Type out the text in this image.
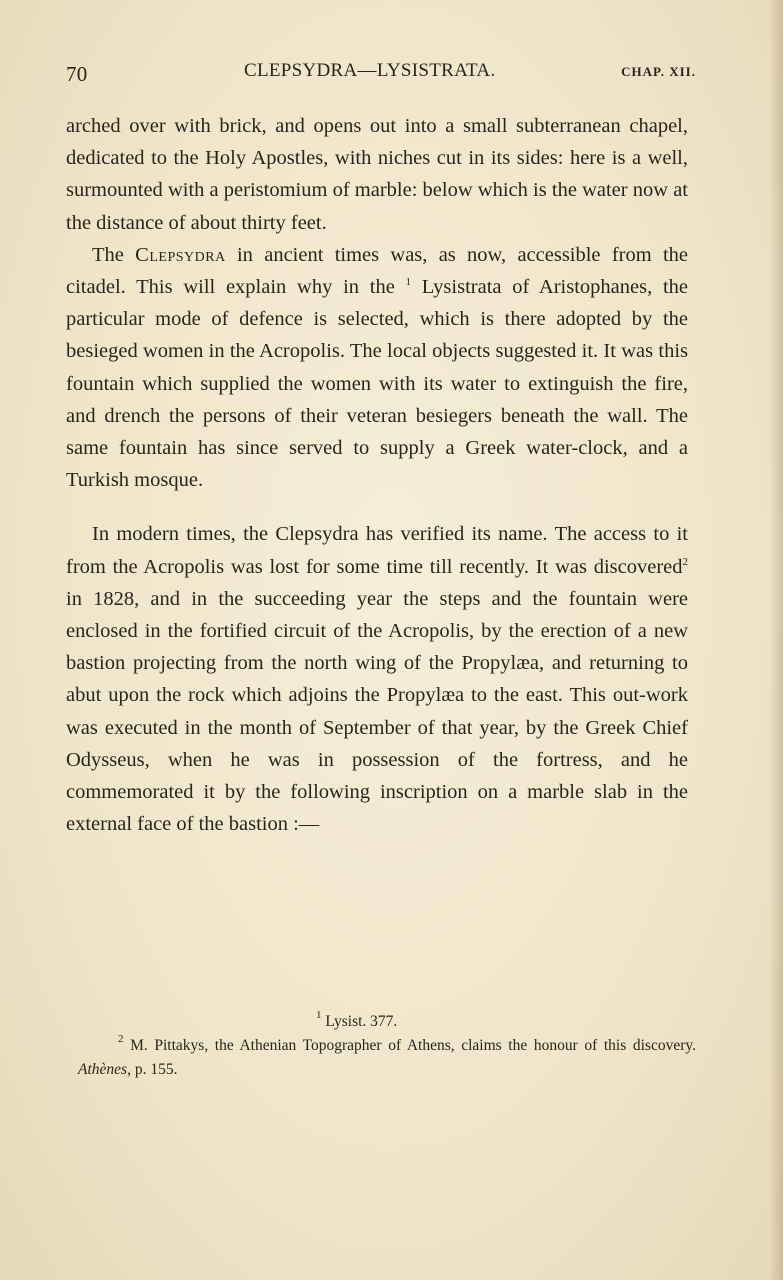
70	CLEPSYDRA—LYSISTRATA.	CHAP. XII.

arched over with brick, and opens out into a small subterranean chapel, dedicated to the Holy Apostles, with niches cut in its sides: here is a well, surmounted with a peristomium of marble: below which is the water now at the distance of about thirty feet.

The Clepsydra in ancient times was, as now, accessible from the citadel. This will explain why in the $^1$ Lysistrata of Aristophanes, the particular mode of defence is selected, which is there adopted by the besieged women in the Acropolis. The local objects suggested it. It was this fountain which supplied the women with its water to extinguish the fire, and drench the persons of their veteran besiegers beneath the wall. The same fountain has since served to supply a Greek water-clock, and a Turkish mosque.

In modern times, the Clepsydra has verified its name. The access to it from the Acropolis was lost for some time till recently. It was discovered$^2$ in 1828, and in the succeeding year the steps and the fountain were enclosed in the fortified circuit of the Acropolis, by the erection of a new bastion projecting from the north wing of the Propylæa, and returning to abut upon the rock which adjoins the Propylæa to the east. This out-work was executed in the month of September of that year, by the Greek Chief Odysseus, when he was in possession of the fortress, and he commemorated it by the following inscription on a marble slab in the external face of the bastion :—

$^1$ Lysist. 377.
$^2$ M. Pittakys, the Athenian Topographer of Athens, claims the honour of this discovery. Athènes, p. 155.
